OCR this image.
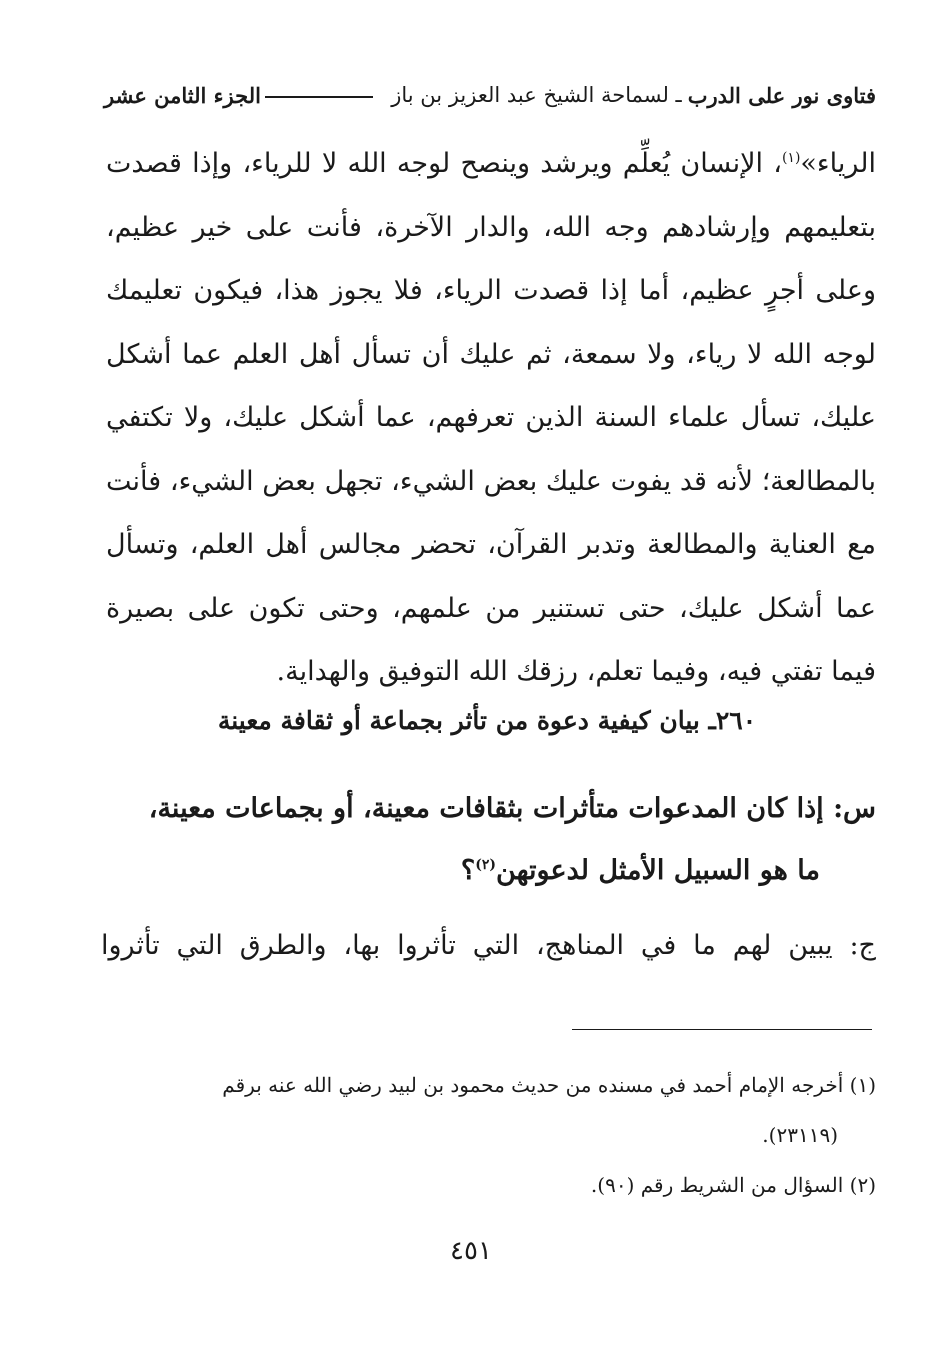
فتاوى نور على الدرب
ـ لسماحة الشيخ عبد العزيز بن باز
الجزء الثامن عشر

الرياء»$^{(١)}$، الإنسان يُعلِّم ويرشد وينصح لوجه الله لا للرياء، وإذا قصدت بتعليمهم وإرشادهم وجه الله، والدار الآخرة، فأنت على خير عظيم، وعلى أجرٍ عظيم، أما إذا قصدت الرياء، فلا يجوز هذا، فيكون تعليمك لوجه الله لا رياء، ولا سمعة، ثم عليك أن تسأل أهل العلم عما أشكل عليك، تسأل علماء السنة الذين تعرفهم، عما أشكل عليك، ولا تكتفي بالمطالعة؛ لأنه قد يفوت عليك بعض الشيء، تجهل بعض الشيء، فأنت مع العناية والمطالعة وتدبر القرآن، تحضر مجالس أهل العلم، وتسأل عما أشكل عليك، حتى تستنير من علمهم، وحتى تكون على بصيرة فيما تفتي فيه، وفيما تعلم، رزقك الله التوفيق والهداية.

٢٦٠ـ بيان كيفية دعوة من تأثر بجماعة أو ثقافة معينة
س: إذا كان المدعوات متأثرات بثقافات معينة، أو بجماعات معينة،
ما هو السبيل الأمثل لدعوتهن$^{(٢)}$؟
ج: يبين لهم ما في المناهج، التي تأثروا بها، والطرق التي تأثروا

(١) أخرجه الإمام أحمد في مسنده من حديث محمود بن لبيد رضي الله عنه برقم

(٢٣١١٩).

(٢) السؤال من الشريط رقم (٩٠).

٤٥١
